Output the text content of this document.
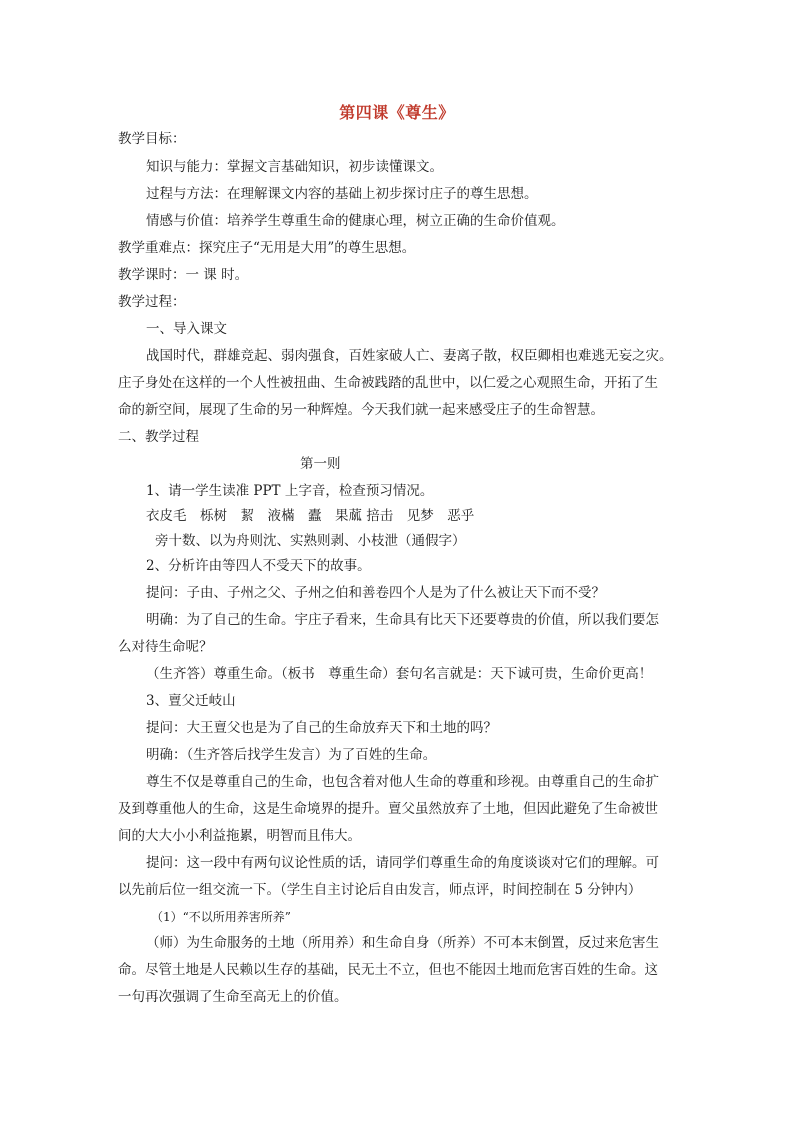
第四课《尊生》
教学目标：
知识与能力：掌握文言基础知识，初步读懂课文。
过程与方法：在理解课文内容的基础上初步探讨庄子的尊生思想。
情感与价值：培养学生尊重生命的健康心理，树立正确的生命价值观。
教学重难点：探究庄子“无用是大用”的尊生思想。
教学课时：一 课 时。
教学过程：
一、导入课文
战国时代，群雄竞起、弱肉强食，百姓家破人亡、妻离子散，权臣卿相也难逃无妄之灾。
庄子身处在这样的一个人性被扭曲、生命被践踏的乱世中，以仁爱之心观照生命，开拓了生
命的新空间，展现了生命的另一种辉煌。今天我们就一起来感受庄子的生命智慧。
二、教学过程
第一则
1、请一学生读准 PPT 上字音，检查预习情况。
衣皮毛　栎树　絜　液樠　蠹　果蓏 掊击　见梦　恶乎
旁十数、以为舟则沈、实熟则剥、小枝泄（通假字）
2、分析许由等四人不受天下的故事。
提问：子由、子州之父、子州之伯和善卷四个人是为了什么被让天下而不受？
明确：为了自己的生命。宇庄子看来，生命具有比天下还要尊贵的价值，所以我们要怎
么对待生命呢？
（生齐答）尊重生命。（板书　尊重生命）套句名言就是：天下诚可贵，生命价更高！
3、亶父迁岐山
提问：大王亶父也是为了自己的生命放弃天下和土地的吗？
明确：（生齐答后找学生发言）为了百姓的生命。
尊生不仅是尊重自己的生命，也包含着对他人生命的尊重和珍视。由尊重自己的生命扩
及到尊重他人的生命，这是生命境界的提升。亶父虽然放弃了土地，但因此避免了生命被世
间的大大小小利益拖累，明智而且伟大。
提问：这一段中有两句议论性质的话，请同学们尊重生命的角度谈谈对它们的理解。可
以先前后位一组交流一下。（学生自主讨论后自由发言，师点评，时间控制在 5 分钟内）
（1）“不以所用养害所养”
（师）为生命服务的土地（所用养）和生命自身（所养）不可本末倒置，反过来危害生
命。尽管土地是人民赖以生存的基础，民无土不立，但也不能因土地而危害百姓的生命。这
一句再次强调了生命至高无上的价值。
